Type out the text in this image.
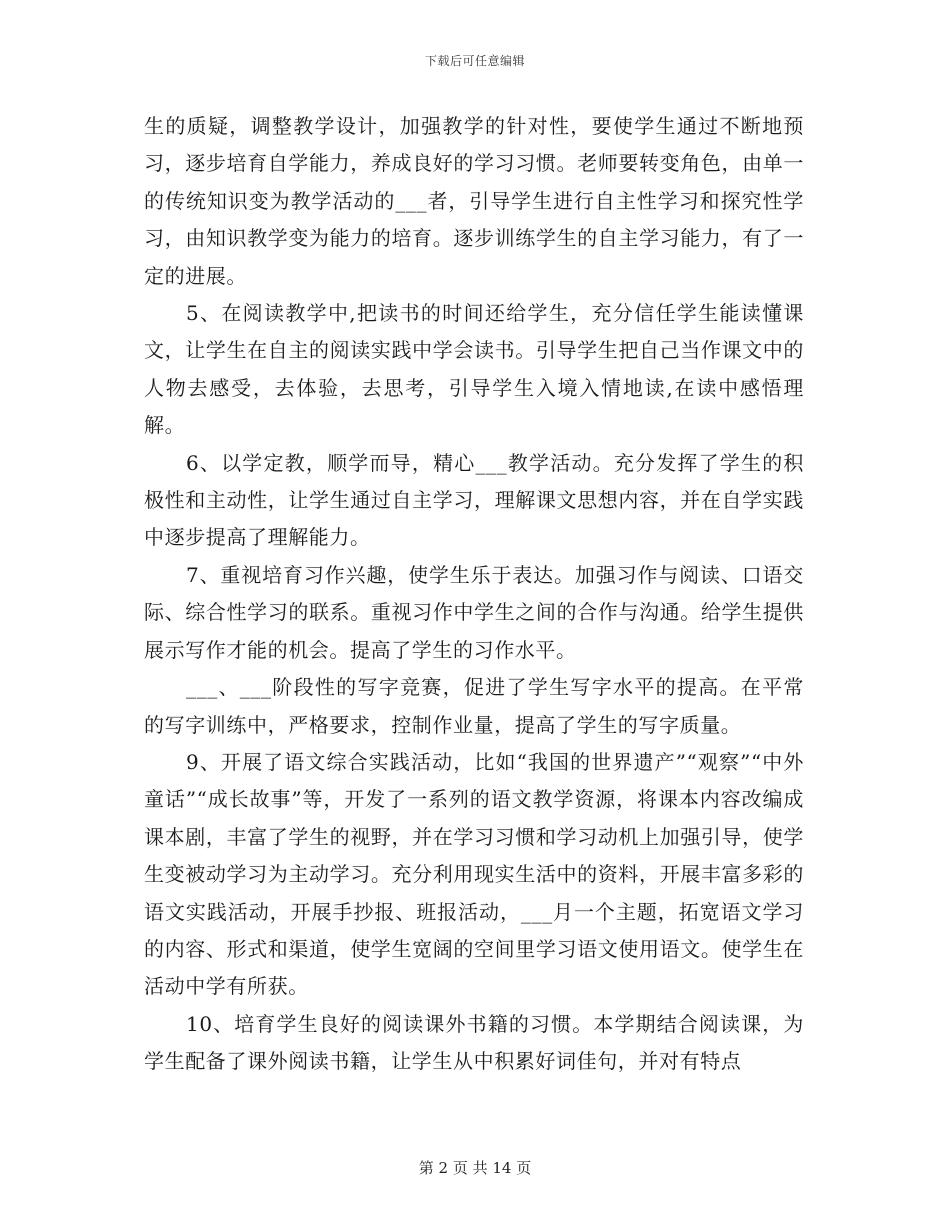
下载后可任意编辑

生的质疑，调整教学设计，加强教学的针对性，要使学生通过不断地预习，逐步培育自学能力，养成良好的学习习惯。老师要转变角色，由单一的传统知识变为教学活动的___者，引导学生进行自主性学习和探究性学习，由知识教学变为能力的培育。逐步训练学生的自主学习能力，有了一定的进展。

5、在阅读教学中,把读书的时间还给学生，充分信任学生能读懂课文，让学生在自主的阅读实践中学会读书。引导学生把自己当作课文中的人物去感受，去体验，去思考，引导学生入境入情地读,在读中感悟理解。

6、以学定教，顺学而导，精心___教学活动。充分发挥了学生的积极性和主动性，让学生通过自主学习，理解课文思想内容，并在自学实践中逐步提高了理解能力。

7、重视培育习作兴趣，使学生乐于表达。加强习作与阅读、口语交际、综合性学习的联系。重视习作中学生之间的合作与沟通。给学生提供展示写作才能的机会。提高了学生的习作水平。

___、___阶段性的写字竞赛，促进了学生写字水平的提高。在平常的写字训练中，严格要求，控制作业量，提高了学生的写字质量。

9、开展了语文综合实践活动，比如“我国的世界遗产”“观察”“中外童话”“成长故事”等，开发了一系列的语文教学资源，将课本内容改编成课本剧，丰富了学生的视野，并在学习习惯和学习动机上加强引导，使学生变被动学习为主动学习。充分利用现实生活中的资料，开展丰富多彩的语文实践活动，开展手抄报、班报活动，___月一个主题，拓宽语文学习的内容、形式和渠道，使学生宽阔的空间里学习语文使用语文。使学生在活动中学有所获。

10、培育学生良好的阅读课外书籍的习惯。本学期结合阅读课，为学生配备了课外阅读书籍，让学生从中积累好词佳句，并对有特点

第 2 页 共 14 页
